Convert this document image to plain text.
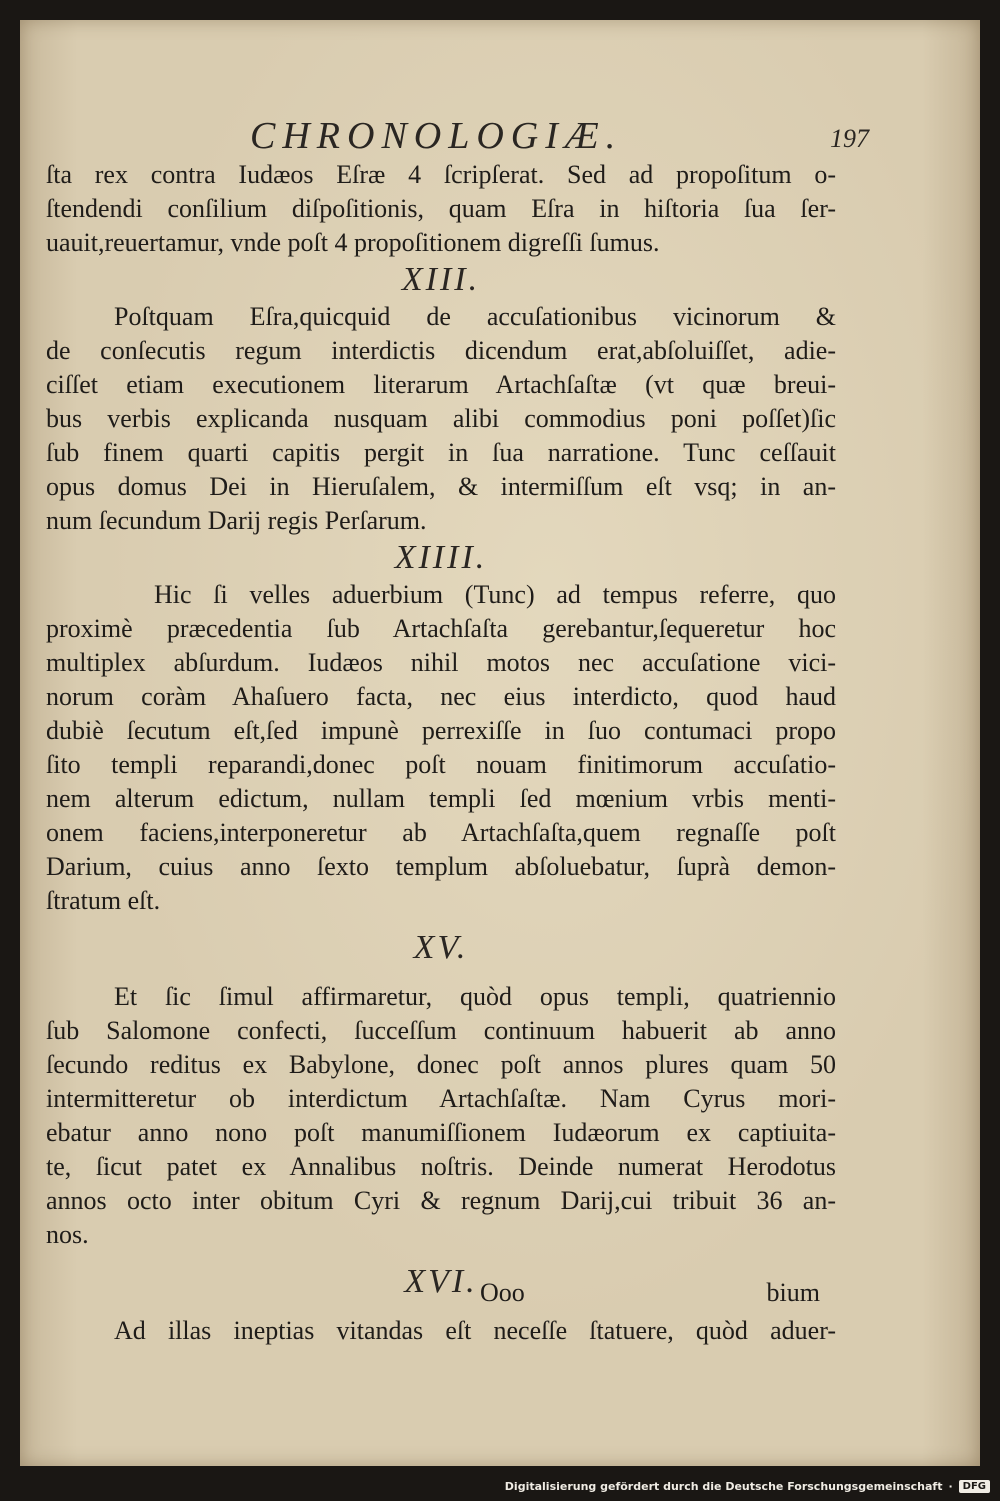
CHRONOLOGIÆ.	197
ſta rex contra Iudæos Eſræ 4 ſcripſerat. Sed ad propoſitum o-
ſtendendi conſilium diſpoſitionis, quam Eſra in hiſtoria ſua ſer-
uauit,reuertamur, vnde poſt 4 propoſitionem digreſſi ſumus.
XIII.
Poſtquam Eſra,quicquid de accuſationibus vicinorum &
de conſecutis regum interdictis dicendum erat,abſoluiſſet, adie-
ciſſet etiam executionem literarum Artachſaſtæ (vt quæ breui-
bus verbis explicanda nusquam alibi commodius poni poſſet)ſic
ſub finem quarti capitis pergit in ſua narratione. Tunc ceſſauit
opus domus Dei in Hieruſalem, & intermiſſum eſt vsq; in an-
num ſecundum Darij regis Perſarum.
XIIII.
Hic ſi velles aduerbium (Tunc) ad tempus referre, quo
proximè præcedentia ſub Artachſaſta gerebantur,ſequeretur hoc
multiplex abſurdum. Iudæos nihil motos nec accuſatione vici-
norum coràm Ahaſuero facta, nec eius interdicto, quod haud
dubiè ſecutum eſt,ſed impunè perrexiſſe in ſuo contumaci propo
ſito templi reparandi,donec poſt nouam finitimorum accuſatio-
nem alterum edictum, nullam templi ſed mœnium vrbis menti-
onem faciens,interponeretur ab Artachſaſta,quem regnaſſe poſt
Darium, cuius anno ſexto templum abſoluebatur, ſuprà demon-
ſtratum eſt.
XV.
Et ſic ſimul affirmaretur, quòd opus templi, quatriennio
ſub Salomone confecti, ſucceſſum continuum habuerit ab anno
ſecundo reditus ex Babylone, donec poſt annos plures quam 50
intermitteretur ob interdictum Artachſaſtæ. Nam Cyrus mori-
ebatur anno nono poſt manumiſſionem Iudæorum ex captiuita-
te, ſicut patet ex Annalibus noſtris. Deinde numerat Herodotus
annos octo inter obitum Cyri & regnum Darij,cui tribuit 36 an-
nos.
XVI.
Ad illas ineptias vitandas eſt neceſſe ſtatuere, quòd aduer-
Ooo	bium
Digitalisierung gefördert durch die Deutsche Forschungsgemeinschaft ·	DFG
